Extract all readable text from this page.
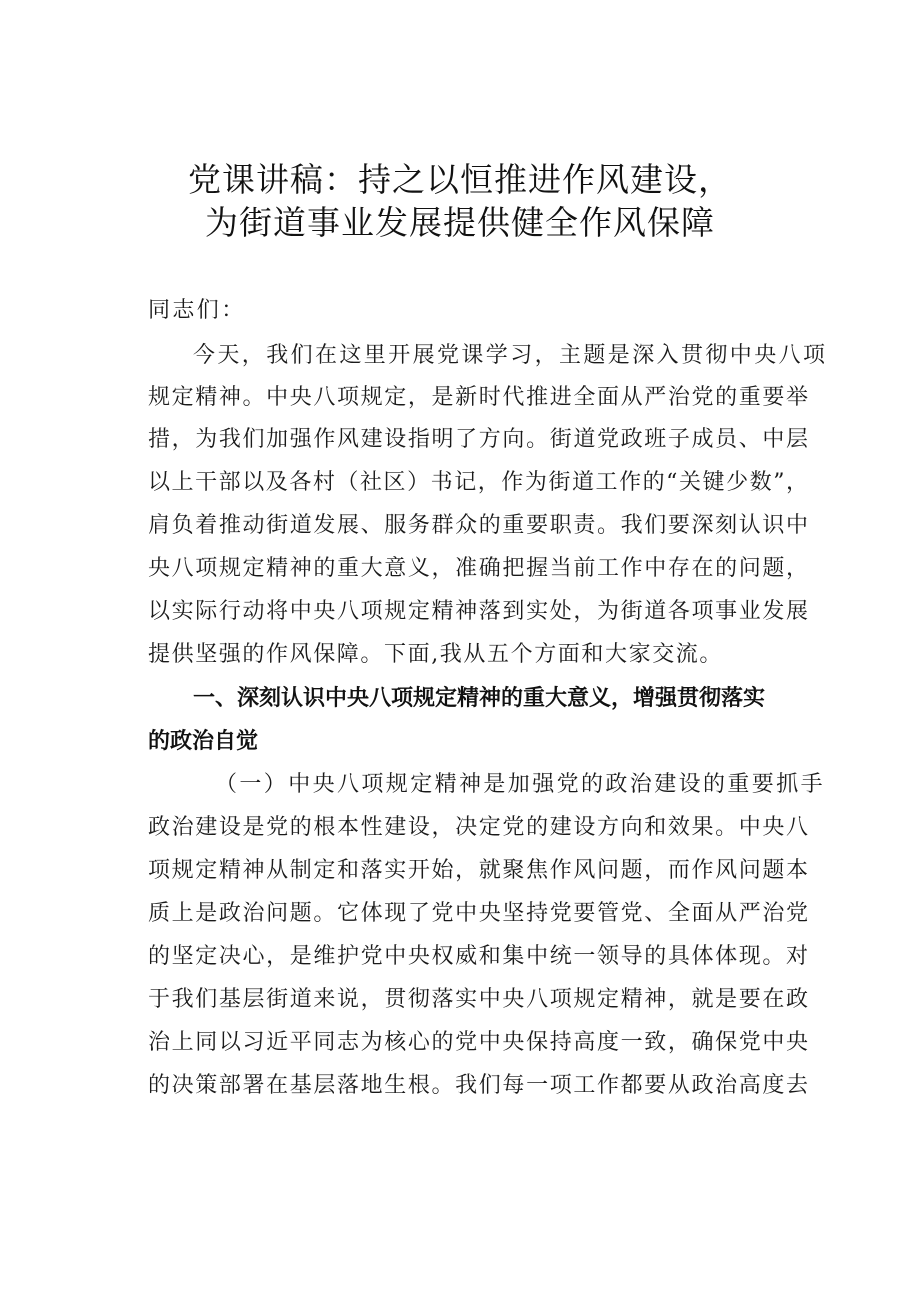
党课讲稿：持之以恒推进作风建设，
为街道事业发展提供健全作风保障
同志们：
今天，我们在这里开展党课学习，主题是深入贯彻中央八项
规定精神。中央八项规定，是新时代推进全面从严治党的重要举
措，为我们加强作风建设指明了方向。街道党政班子成员、中层
以上干部以及各村（社区）书记，作为街道工作的“关键少数”，
肩负着推动街道发展、服务群众的重要职责。我们要深刻认识中
央八项规定精神的重大意义，准确把握当前工作中存在的问题，
以实际行动将中央八项规定精神落到实处，为街道各项事业发展
提供坚强的作风保障。下面,我从五个方面和大家交流。
一、深刻认识中央八项规定精神的重大意义，增强贯彻落实
的政治自觉
（一）中央八项规定精神是加强党的政治建设的重要抓手
政治建设是党的根本性建设，决定党的建设方向和效果。中央八
项规定精神从制定和落实开始，就聚焦作风问题，而作风问题本
质上是政治问题。它体现了党中央坚持党要管党、全面从严治党
的坚定决心，是维护党中央权威和集中统一领导的具体体现。对
于我们基层街道来说，贯彻落实中央八项规定精神，就是要在政
治上同以习近平同志为核心的党中央保持高度一致，确保党中央
的决策部署在基层落地生根。我们每一项工作都要从政治高度去
